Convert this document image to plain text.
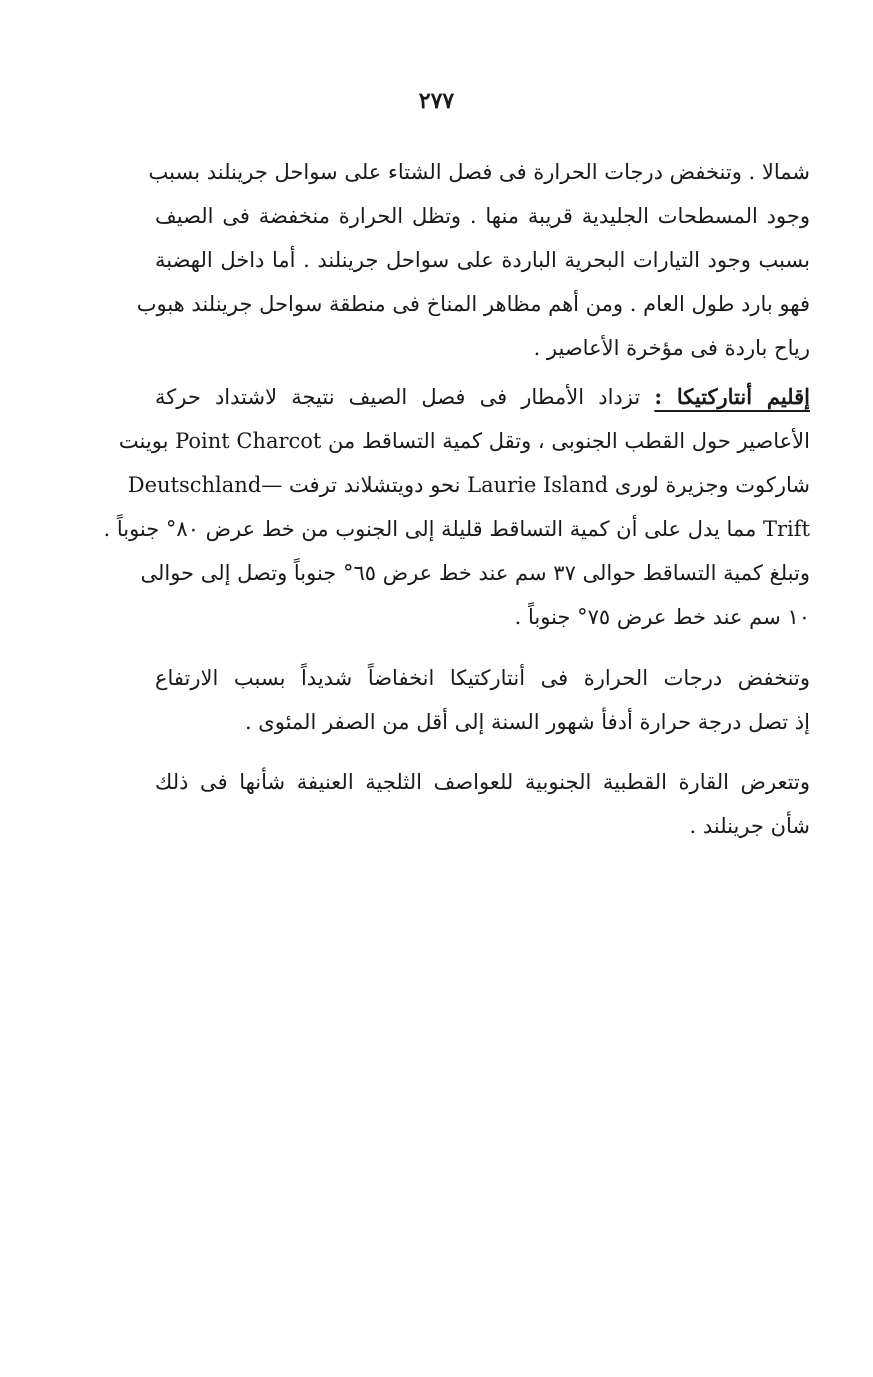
٢٧٧
شمالا . وتنخفض درجات الحرارة فى فصل الشتاء على سواحل جرينلند بسبب
وجود المسطحات الجليدية قريبة منها . وتظل الحرارة منخفضة فى الصيف
بسبب وجود التيارات البحرية الباردة على سواحل جرينلند . أما داخل الهضبة
فهو بارد طول العام . ومن أهم مظاهر المناخ فى منطقة سواحل جرينلند هبوب
رياح باردة فى مؤخرة الأعاصير .
إقليم أنتاركتيكا : تزداد الأمطار فى فصل الصيف نتيجة لاشتداد حركة
الأعاصير حول القطب الجنوبى ، وتقل كمية التساقط من Point Charcot بوينت
شاركوت وجزيرة لورى Laurie Island نحو دويتشلاند ترفت —Deutschland
Trift مما يدل على أن كمية التساقط قليلة إلى الجنوب من خط عرض ٨٠° جنوباً .
وتبلغ كمية التساقط حوالى ٣٧ سم عند خط عرض ٦٥° جنوباً وتصل إلى حوالى
١٠ سم عند خط عرض ٧٥° جنوباً .
وتنخفض درجات الحرارة فى أنتاركتيكا انخفاضاً شديداً بسبب الارتفاع
إذ تصل درجة حرارة أدفأ شهور السنة إلى أقل من الصفر المئوى .
وتتعرض القارة القطبية الجنوبية للعواصف الثلجية العنيفة شأنها فى ذلك
شأن جرينلند .
